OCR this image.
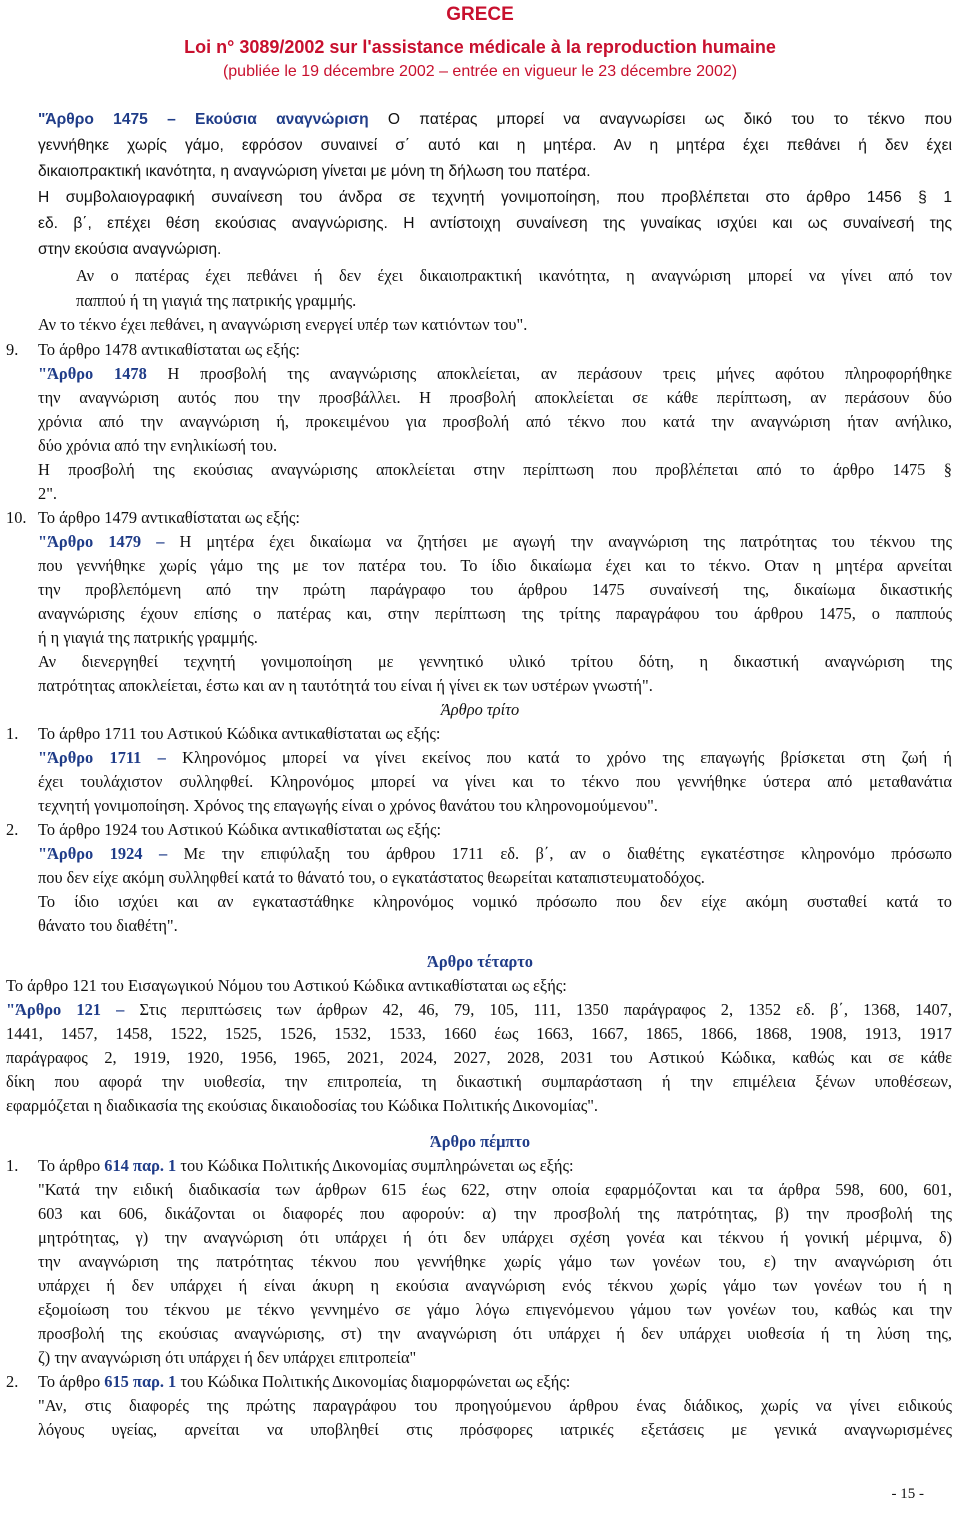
GRECE
Loi n° 3089/2002 sur l'assistance médicale à la reproduction humaine
(publiée le 19 décembre 2002 – entrée en vigueur le 23 décembre 2002)
"Άρθρο 1475 – Εκούσια αναγνώριση Ο πατέρας μπορεί να αναγνωρίσει ως δικό του το τέκνο που
γεννήθηκε χωρίς γάμο, εφρόσον συναινεί σ΄ αυτό και η μητέρα. Αν η μητέρα έχει πεθάνει ή δεν έχει
δικαιοπρακτική ικανότητα, η αναγνώριση γίνεται με μόνη τη δήλωση του πατέρα.
Η συμβολαιογραφική συναίνεση του άνδρα σε τεχνητή γονιμοποίηση, που προβλέπεται στο άρθρο 1456 § 1
εδ. β΄, επέχει θέση εκούσιας αναγνώρισης. Η αντίστοιχη συναίνεση της γυναίκας ισχύει και ως συναίνεσή της
στην εκούσια αναγνώριση.
Αν ο πατέρας έχει πεθάνει ή δεν έχει δικαιοπρακτική ικανότητα, η αναγνώριση μπορεί να γίνει από τον
παππού ή τη γιαγιά της πατρικής γραμμής.
Αν το τέκνο έχει πεθάνει, η αναγνώριση ενεργεί υπέρ των κατιόντων του".
9. Το άρθρο 1478 αντικαθίσταται ως εξής:
"Άρθρο 1478 Η προσβολή της αναγνώρισης αποκλείεται, αν περάσουν τρεις μήνες αφότου πληροφορήθηκε
την αναγνώριση αυτός που την προσβάλλει. Η προσβολή αποκλείεται σε κάθε περίπτωση, αν περάσουν δύο
χρόνια από την αναγνώριση ή, προκειμένου για προσβολή από τέκνο που κατά την αναγνώριση ήταν ανήλικο,
δύο χρόνια από την ενηλικίωσή του.
Η προσβολή της εκούσιας αναγνώρισης αποκλείεται στην περίπτωση που προβλέπεται από το άρθρο 1475 §
2".
10. Το άρθρο 1479 αντικαθίσταται ως εξής:
"Άρθρο 1479 – Η μητέρα έχει δικαίωμα να ζητήσει με αγωγή την αναγνώριση της πατρότητας του τέκνου της
που γεννήθηκε χωρίς γάμο της με τον πατέρα του. Το ίδιο δικαίωμα έχει και το τέκνο. Οταν η μητέρα αρνείται
την προβλεπόμενη από την πρώτη παράγραφο του άρθρου 1475 συναίνεσή της, δικαίωμα δικαστικής
αναγνώρισης έχουν επίσης ο πατέρας και, στην περίπτωση της τρίτης παραγράφου του άρθρου 1475, ο παππούς
ή η γιαγιά της πατρικής γραμμής.
Αν διενεργηθεί τεχνητή γονιμοποίηση με γεννητικό υλικό τρίτου δότη, η δικαστική αναγνώριση της
πατρότητας αποκλείεται, έστω και αν η ταυτότητά του είναι ή γίνει εκ των υστέρων γνωστή".
Άρθρο τρίτο
1. Το άρθρο 1711 του Αστικού Κώδικα αντικαθίσταται ως εξής:
"Άρθρο 1711 – Κληρονόμος μπορεί να γίνει εκείνος που κατά το χρόνο της επαγωγής βρίσκεται στη ζωή ή
έχει τουλάχιστον συλληφθεί. Κληρονόμος μπορεί να γίνει και το τέκνο που γεννήθηκε ύστερα από μεταθανάτια
τεχνητή γονιμοποίηση. Χρόνος της επαγωγής είναι ο χρόνος θανάτου του κληρονομούμενου".
2. Το άρθρο 1924 του Αστικού Κώδικα αντικαθίσταται ως εξής:
"Άρθρο 1924 – Με την επιφύλαξη του άρθρου 1711 εδ. β΄, αν ο διαθέτης εγκατέστησε κληρονόμο πρόσωπο
που δεν είχε ακόμη συλληφθεί κατά το θάνατό του, ο εγκατάστατος θεωρείται καταπιστευματοδόχος.
Το ίδιο ισχύει και αν εγκαταστάθηκε κληρονόμος νομικό πρόσωπο που δεν είχε ακόμη συσταθεί κατά το
θάνατο του διαθέτη".
Άρθρο τέταρτο
Το άρθρο 121 του Εισαγωγικού Νόμου του Αστικού Κώδικα αντικαθίσταται ως εξής:
"Άρθρο 121 – Στις περιπτώσεις των άρθρων 42, 46, 79, 105, 111, 1350 παράγραφος 2, 1352 εδ. β΄, 1368, 1407,
1441, 1457, 1458, 1522, 1525, 1526, 1532, 1533, 1660 έως 1663, 1667, 1865, 1866, 1868, 1908, 1913, 1917
παράγραφος 2, 1919, 1920, 1956, 1965, 2021, 2024, 2027, 2028, 2031 του Αστικού Κώδικα, καθώς και σε κάθε
δίκη που αφορά την υιοθεσία, την επιτροπεία, τη δικαστική συμπαράσταση ή την επιμέλεια ξένων υποθέσεων,
εφαρμόζεται η διαδικασία της εκούσιας δικαιοδοσίας του Κώδικα Πολιτικής Δικονομίας".
Άρθρο πέμπτο
1. Το άρθρο 614 παρ. 1 του Κώδικα Πολιτικής Δικονομίας συμπληρώνεται ως εξής:
"Κατά την ειδική διαδικασία των άρθρων 615 έως 622, στην οποία εφαρμόζονται και τα άρθρα 598, 600, 601,
603 και 606, δικάζονται οι διαφορές που αφορούν: α) την προσβολή της πατρότητας, β) την προσβολή της
μητρότητας, γ) την αναγνώριση ότι υπάρχει ή ότι δεν υπάρχει σχέση γονέα και τέκνου ή γονική μέριμνα, δ)
την αναγνώριση της πατρότητας τέκνου που γεννήθηκε χωρίς γάμο των γονέων του, ε) την αναγνώριση ότι
υπάρχει ή δεν υπάρχει ή είναι άκυρη η εκούσια αναγνώριση ενός τέκνου χωρίς γάμο των γονέων του ή η
εξομοίωση του τέκνου με τέκνο γεννημένο σε γάμο λόγω επιγενόμενου γάμου των γονέων του, καθώς και την
προσβολή της εκούσιας αναγνώρισης, στ) την αναγνώριση ότι υπάρχει ή δεν υπάρχει υιοθεσία ή τη λύση της,
ζ) την αναγνώριση ότι υπάρχει ή δεν υπάρχει επιτροπεία"
2. Το άρθρο 615 παρ. 1 του Κώδικα Πολιτικής Δικονομίας διαμορφώνεται ως εξής:
"Αν, στις διαφορές της πρώτης παραγράφου του προηγούμενου άρθρου ένας διάδικος, χωρίς να γίνει ειδικούς
λόγους υγείας, αρνείται να υποβληθεί στις πρόσφορες ιατρικές εξετάσεις με γενικά αναγνωρισμένες
- 15 -
